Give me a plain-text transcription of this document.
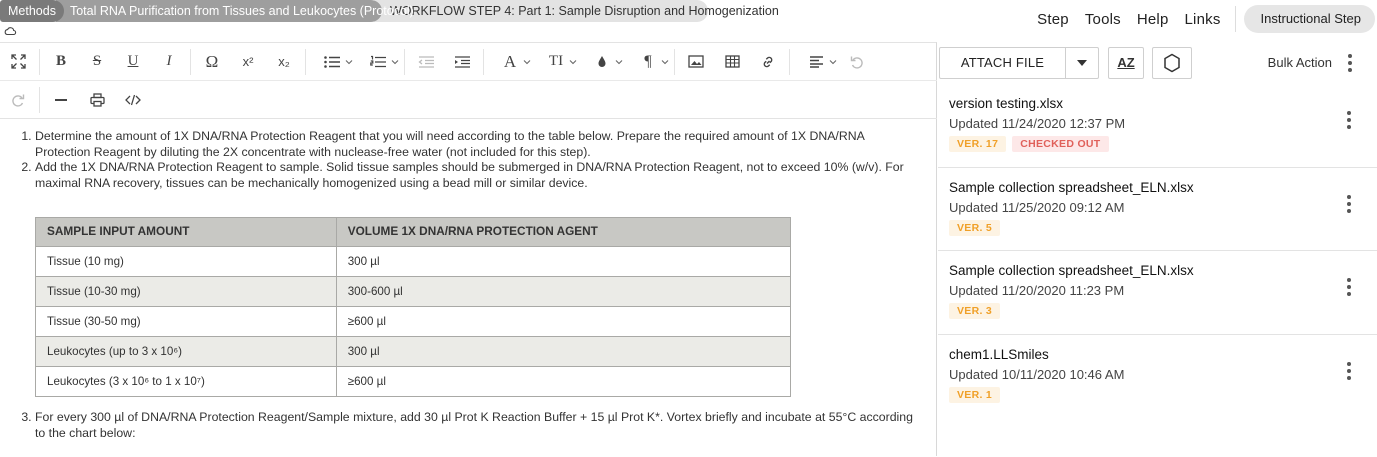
Methods	Total RNA Purification from Tissues and Leukocytes (Protocol)
WORKFLOW STEP 4: Part 1: Sample Disruption and Homogenization	Step Tools Help Links	Instructional Step
B	S	U	I	Ω	x²	x₂	A	TI	¶
1. Determine the amount of 1X DNA/RNA Protection Reagent that you will need according to the table below. Prepare the required amount of 1X DNA/RNA Protection Reagent by diluting the 2X concentrate with nuclease-free water (not included for this step).
2. Add the 1X DNA/RNA Protection Reagent to sample. Solid tissue samples should be submerged in DNA/RNA Protection Reagent, not to exceed 10% (w/v). For maximal RNA recovery, tissues can be mechanically homogenized using a bead mill or similar device.
SAMPLE INPUT AMOUNT	VOLUME 1X DNA/RNA PROTECTION AGENT
Tissue (10 mg)	300 µl
Tissue (10-30 mg)	300-600 µl
Tissue (30-50 mg)	≥600 µl
Leukocytes (up to 3 x 10⁶)	300 µl
Leukocytes (3 x 10⁶ to 1 x 10⁷)	≥600 µl
3. For every 300 µl of DNA/RNA Protection Reagent/Sample mixture, add 30 µl Prot K Reaction Buffer + 15 µl Prot K*. Vortex briefly and incubate at 55°C according to the chart below:
ATTACH FILE	AZ	Bulk Action
version testing.xlsx
Updated 11/24/2020 12:37 PM
VER. 17	CHECKED OUT
Sample collection spreadsheet_ELN.xlsx
Updated 11/25/2020 09:12 AM
VER. 5
Sample collection spreadsheet_ELN.xlsx
Updated 11/20/2020 11:23 PM
VER. 3
chem1.LLSmiles
Updated 10/11/2020 10:46 AM
VER. 1
